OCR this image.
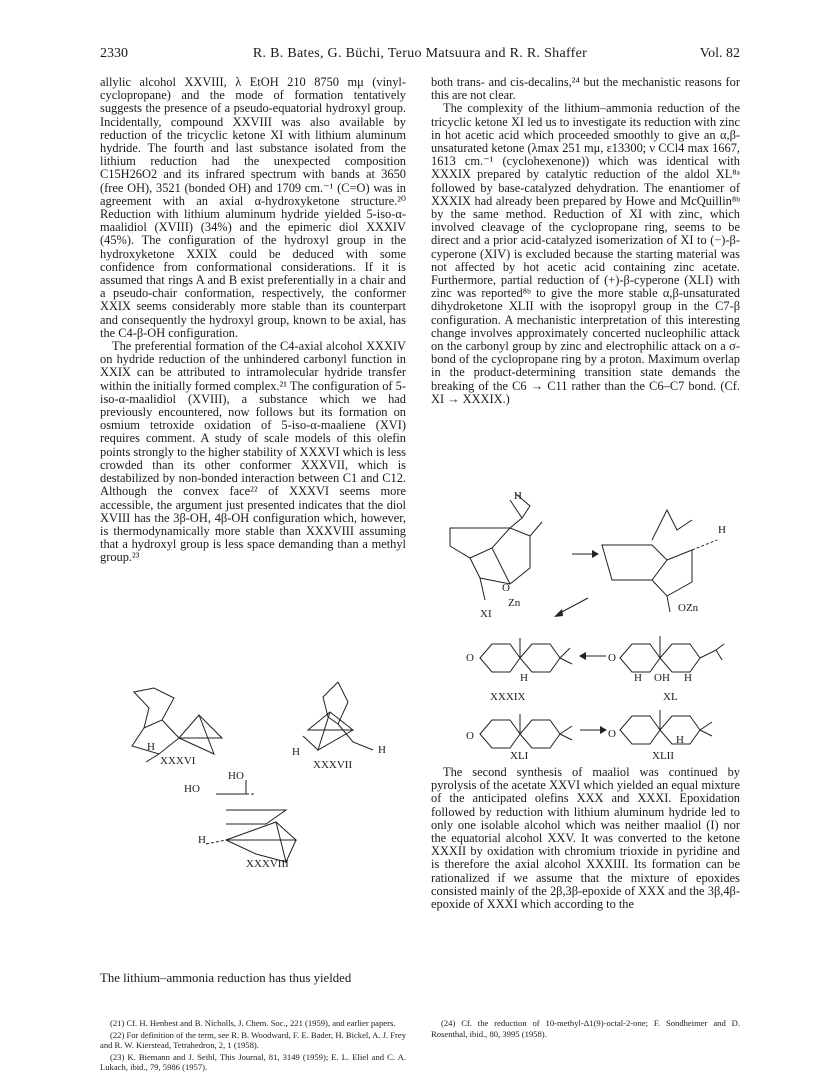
2330	R. B. Bates, G. Büchi, Teruo Matsuura and R. R. Shaffer	Vol. 82

allylic alcohol XXVIII, λ EtOH 210 8750 mμ (vinyl-cyclopropane) and the mode of formation tentatively suggests the presence of a pseudo-equatorial hydroxyl group. Incidentally, compound XXVIII was also available by reduction of the tricyclic ketone XI with lithium aluminum hydride. The fourth and last substance isolated from the lithium reduction had the unexpected composition C15H26O2 and its infrared spectrum with bands at 3650 (free OH), 3521 (bonded OH) and 1709 cm.⁻¹ (C=O) was in agreement with an axial α-hydroxyketone structure.²⁰ Reduction with lithium aluminum hydride yielded 5-iso-α-maalidiol (XVIII) (34%) and the epimeric diol XXXIV (45%). The configuration of the hydroxyl group in the hydroxyketone XXIX could be deduced with some confidence from conformational considerations. If it is assumed that rings A and B exist preferentially in a chair and a pseudo-chair conformation, respectively, the conformer XXIX seems considerably more stable than its counterpart and consequently the hydroxyl group, known to be axial, has the C4-β-OH configuration.

The preferential formation of the C4-axial alcohol XXXIV on hydride reduction of the unhindered carbonyl function in XXIX can be attributed to intramolecular hydride transfer within the initially formed complex.²¹ The configuration of 5-iso-α-maalidiol (XVIII), a substance which we had previously encountered, now follows but its formation on osmium tetroxide oxidation of 5-iso-α-maaliene (XVI) requires comment. A study of scale models of this olefin points strongly to the higher stability of XXXVI which is less crowded than its other conformer XXXVII, which is destabilized by non-bonded interaction between C1 and C12. Although the convex face²² of XXXVI seems more accessible, the argument just presented indicates that the diol XVIII has the 3β-OH, 4β-OH configuration which, however, is thermodynamically more stable than XXXVIII assuming that a hydroxyl group is less space demanding than a methyl group.²³

both trans- and cis-decalins,²⁴ but the mechanistic reasons for this are not clear.

The complexity of the lithium–ammonia reduction of the tricyclic ketone XI led us to investigate its reduction with zinc in hot acetic acid which proceeded smoothly to give an α,β-unsaturated ketone (λmax 251 mμ, ε13300; ν CCl4 max 1667, 1613 cm.⁻¹ (cyclohexenone)) which was identical with XXXIX prepared by catalytic reduction of the aldol XL⁸ᵃ followed by base-catalyzed dehydration. The enantiomer of XXXIX had already been prepared by Howe and McQuillin⁸ᵇ by the same method. Reduction of XI with zinc, which involved cleavage of the cyclopropane ring, seems to be direct and a prior acid-catalyzed isomerization of XI to (−)-β-cyperone (XIV) is excluded because the starting material was not affected by hot acetic acid containing zinc acetate. Furthermore, partial reduction of (+)-β-cyperone (XLI) with zinc was reported⁸ᵇ to give the more stable α,β-unsaturated dihydroketone XLII with the isopropyl group in the C7-β configuration. A mechanistic interpretation of this interesting change involves approximately concerted nucleophilic attack on the carbonyl group by zinc and electrophilic attack on a σ-bond of the cyclopropane ring by a proton. Maximum overlap in the product-determining transition state demands the breaking of the C6 → C11 rather than the C6–C7 bond. (Cf. XI → XXXIX.)

H
XXXVI
H	H
XXXVII
HO
HO
H
XXXVIII
The lithium–ammonia reduction has thus yielded
H
O
Zn
XI
H
OZn
O
H
XXXIX
O
H OH H
XL
O
XLI
→ O	H
XLII

The second synthesis of maaliol was continued by pyrolysis of the acetate XXVI which yielded an equal mixture of the anticipated olefins XXX and XXXI. Epoxidation followed by reduction with lithium aluminum hydride led to only one isolable alcohol which was neither maaliol (I) nor the equatorial alcohol XXV. It was converted to the ketone XXXII by oxidation with chromium trioxide in pyridine and is therefore the axial alcohol XXXIII. Its formation can be rationalized if we assume that the mixture of epoxides consisted mainly of the 2β,3β-epoxide of XXX and the 3β,4β-epoxide of XXXI which according to the

(21) Cf. H. Henbest and B. Nicholls, J. Chem. Soc., 221 (1959), and earlier papers.

(22) For definition of the term, see R. B. Woodward, F. E. Bader, H. Bickel, A. J. Frey and R. W. Kierstead, Tetrahedron, 2, 1 (1958).

(23) K. Biemann and J. Seibl, This Journal, 81, 3149 (1959); E. L. Eliel and C. A. Lukach, ibid., 79, 5986 (1957).

(24) Cf. the reduction of 10-methyl-Δ1(9)-octal-2-one; F. Sondheimer and D. Rosenthal, ibid., 80, 3995 (1958).
